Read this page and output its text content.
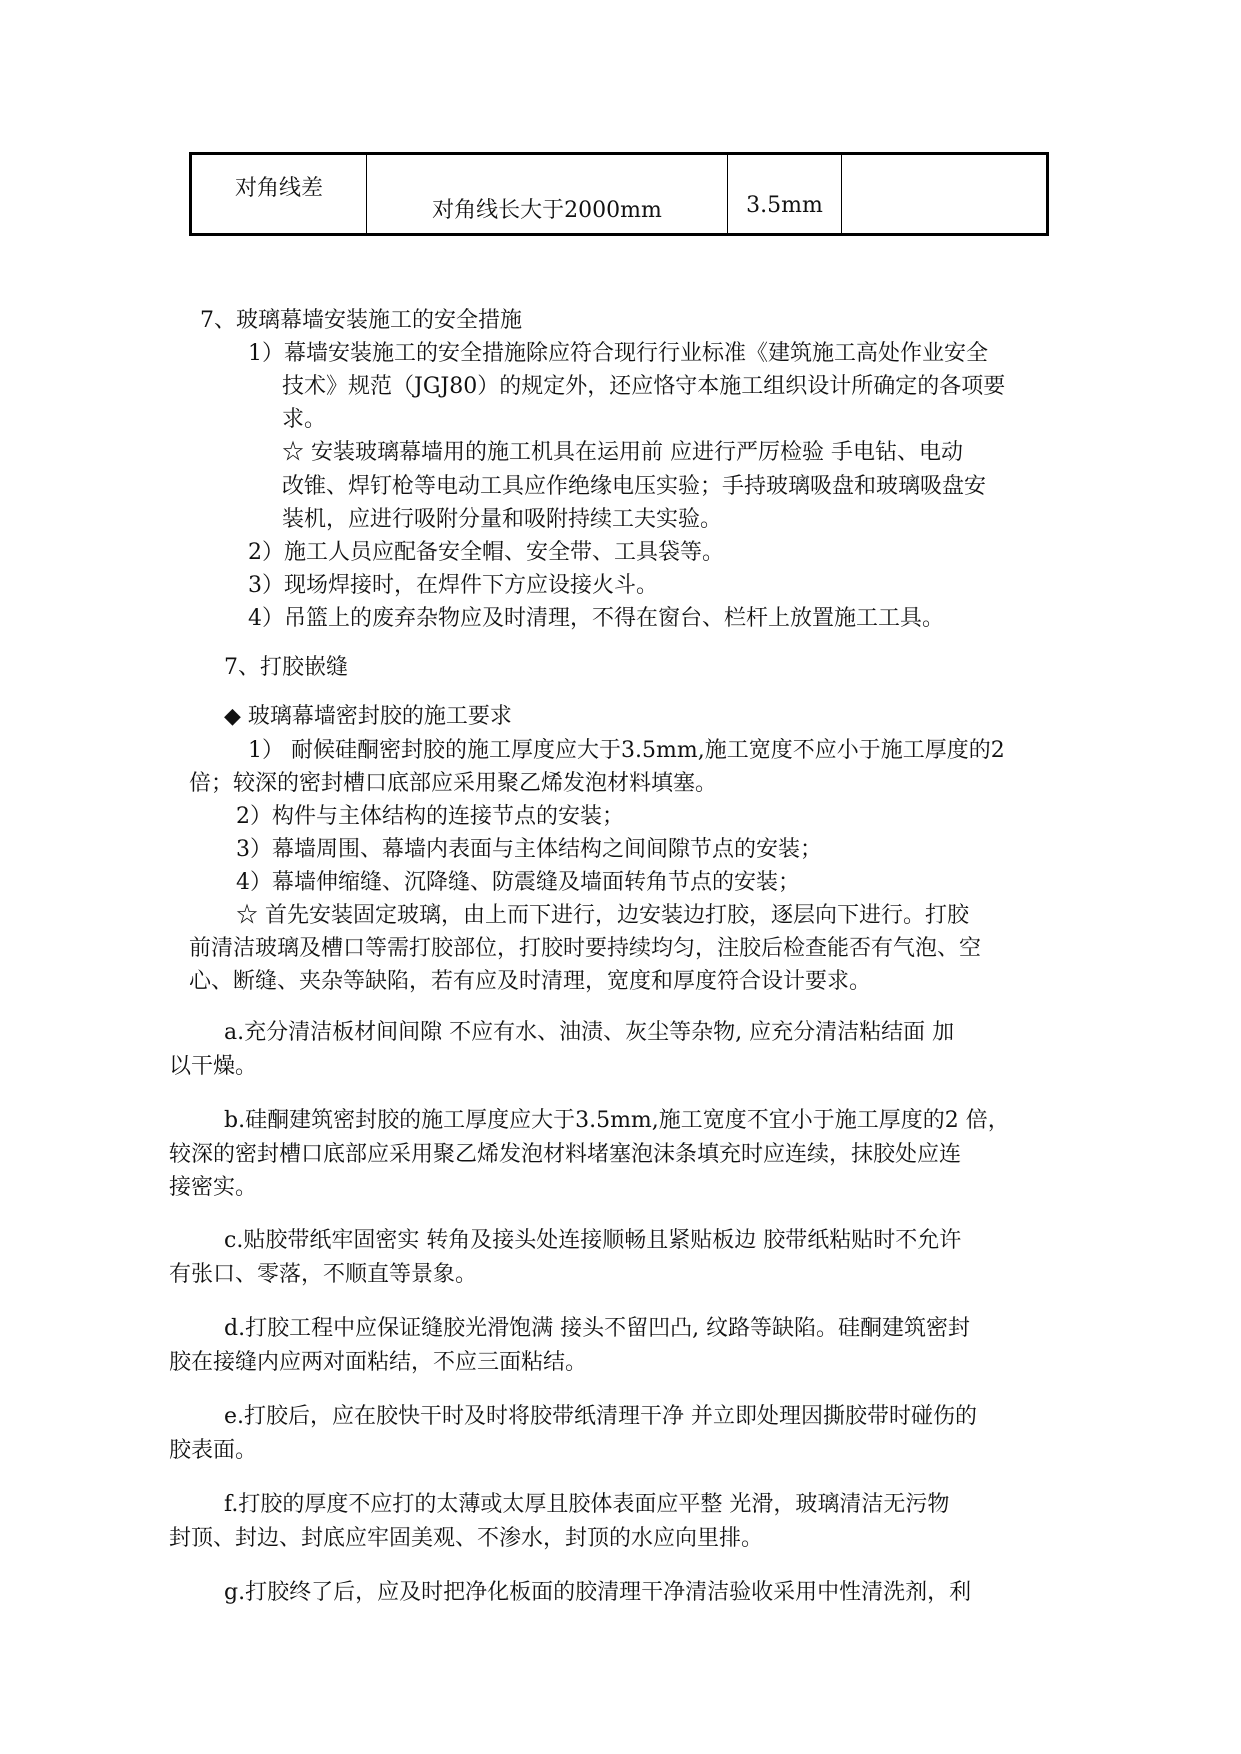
对角线差	对角线长大于2000mm	3.5mm	
7、玻璃幕墙安装施工的安全措施
1）幕墙安装施工的安全措施除应符合现行行业标准《建筑施工高处作业安全
技术》规范（JGJ80）的规定外，还应恪守本施工组织设计所确定的各项要
求。
☆ 安装玻璃幕墙用的施工机具在运用前 应进行严厉检验 手电钻、电动
改锥、焊钉枪等电动工具应作绝缘电压实验；手持玻璃吸盘和玻璃吸盘安
装机，应进行吸附分量和吸附持续工夫实验。
2）施工人员应配备安全帽、安全带、工具袋等。
3）现场焊接时，在焊件下方应设接火斗。
4）吊篮上的废弃杂物应及时清理，不得在窗台、栏杆上放置施工工具。
7、打胶嵌缝
◆ 玻璃幕墙密封胶的施工要求
1） 耐候硅酮密封胶的施工厚度应大于3.5mm,施工宽度不应小于施工厚度的2
倍；较深的密封槽口底部应采用聚乙烯发泡材料填塞。
2）构件与主体结构的连接节点的安装；
3）幕墙周围、幕墙内表面与主体结构之间间隙节点的安装；
4）幕墙伸缩缝、沉降缝、防震缝及墙面转角节点的安装；
☆ 首先安装固定玻璃，由上而下进行，边安装边打胶，逐层向下进行。打胶
前清洁玻璃及槽口等需打胶部位，打胶时要持续均匀，注胶后检查能否有气泡、空
心、断缝、夹杂等缺陷，若有应及时清理，宽度和厚度符合设计要求。
a.充分清洁板材间间隙 不应有水、油渍、灰尘等杂物, 应充分清洁粘结面 加
以干燥。
b.硅酮建筑密封胶的施工厚度应大于3.5mm,施工宽度不宜小于施工厚度的2 倍，
较深的密封槽口底部应采用聚乙烯发泡材料堵塞泡沫条填充时应连续，抹胶处应连
接密实。
c.贴胶带纸牢固密实 转角及接头处连接顺畅且紧贴板边 胶带纸粘贴时不允许
有张口、零落，不顺直等景象。
d.打胶工程中应保证缝胶光滑饱满 接头不留凹凸, 纹路等缺陷。硅酮建筑密封
胶在接缝内应两对面粘结，不应三面粘结。
e.打胶后，应在胶快干时及时将胶带纸清理干净 并立即处理因撕胶带时碰伤的
胶表面。
f.打胶的厚度不应打的太薄或太厚且胶体表面应平整 光滑，玻璃清洁无污物
封顶、封边、封底应牢固美观、不渗水，封顶的水应向里排。
g.打胶终了后，应及时把净化板面的胶清理干净清洁验收采用中性清洗剂，利
